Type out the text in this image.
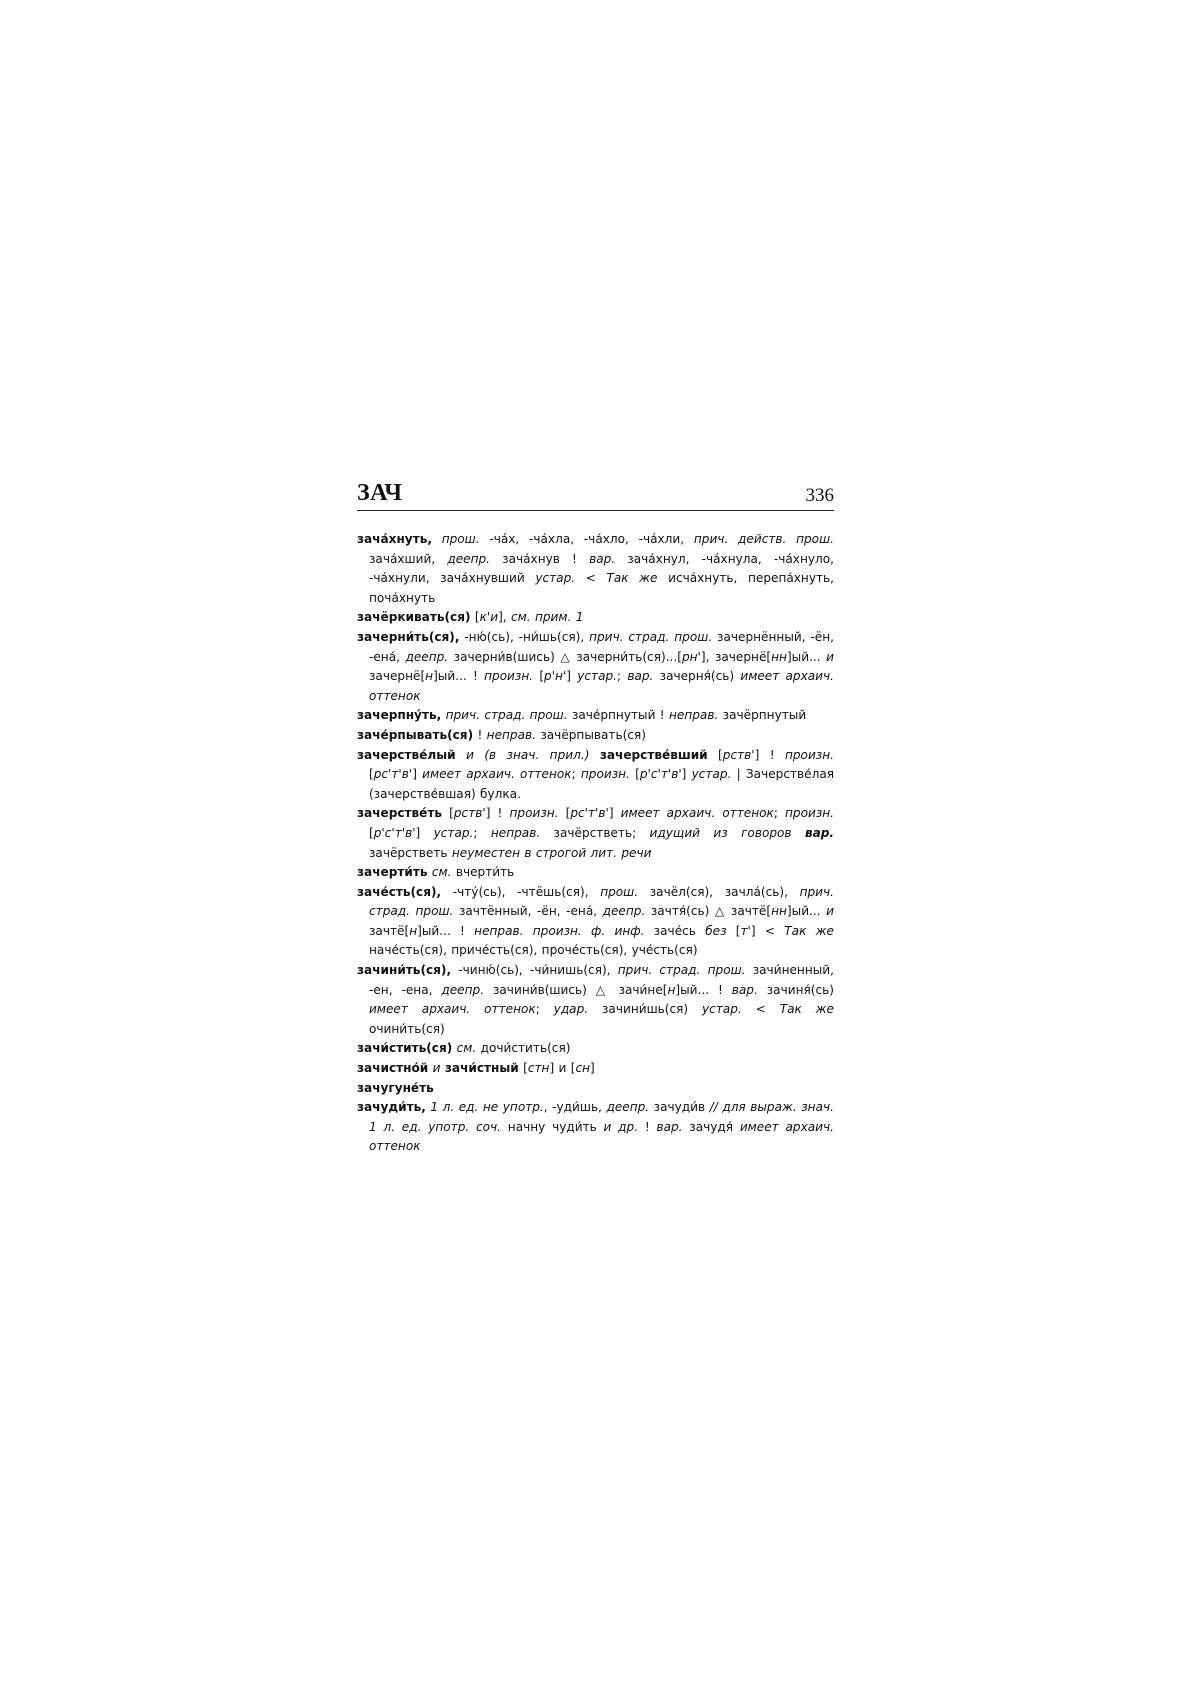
ЗАЧ	336
зача́хнуть, прош. -ча́х, -ча́хла, -ча́хло, -ча́хли, прич. действ. прош. зача́хший, деепр. зача́хнув ! вар. зача́хнул, -ча́хнула, -ча́хнуло, -ча́хнули, зача́хнувший устар. < Так же исча́хнуть, перепа́хнуть, поча́хнуть
зачёркивать(ся) [к'и], см. прим. 1
зачерни́ть(ся), -ню́(сь), -ни́шь(ся), прич. страд. прош. зачернённый, -ён, -ена́, деепр. зачерни́в(шись) △ зачерни́ть(ся)...[рн'], зачернё[нн]ый... и зачернё[н]ый... ! произн. [р'н'] устар.; вар. зачерня́(сь) имеет архаич. оттенок
зачерпну́ть, прич. страд. прош. заче́рпнутый ! неправ. зачёрпнутый
заче́рпывать(ся) ! неправ. зачёрпывать(ся)
зачерстве́лый и (в знач. прил.) зачерстве́вший [рств'] ! произн. [рс'т'в'] имеет архаич. оттенок; произн. [р'с'т'в'] устар. | Зачерстве́лая (зачерстве́вшая) булка.
зачерстве́ть [рств'] ! произн. [рс'т'в'] имеет архаич. оттенок; произн. [р'с'т'в'] устар.; неправ. зачёрстветь; идущий из говоров вар. зачёрстветь неуместен в строгой лит. речи
зачерти́ть см. вчерти́ть
заче́сть(ся), -чту́(сь), -чтёшь(ся), прош. зачёл(ся), зачла́(сь), прич. страд. прош. зачтённый, -ён, -ена́, деепр. зачтя́(сь) △ зачтё[нн]ый... и зачтё[н]ый... ! неправ. произн. ф. инф. заче́сь без [т'] < Так же наче́сть(ся), приче́сть(ся), проче́сть(ся), уче́сть(ся)
зачини́ть(ся), -чиню́(сь), -чи́нишь(ся), прич. страд. прош. зачи́ненный, -ен, -ена, деепр. зачини́в(шись) △ зачи́не[н]ый... ! вар. зачиня́(сь) имеет архаич. оттенок; удар. зачини́шь(ся) устар. < Так же очини́ть(ся)
зачи́стить(ся) см. дочи́стить(ся)
зачистно́й и зачи́стный [стн] и [сн]
зачугуне́ть
зачуди́ть, 1 л. ед. не употр., -уди́шь, деепр. зачуди́в // для выраж. знач. 1 л. ед. употр. соч. начну чуди́ть и др. ! вар. зачудя́ имеет архаич. оттенок
